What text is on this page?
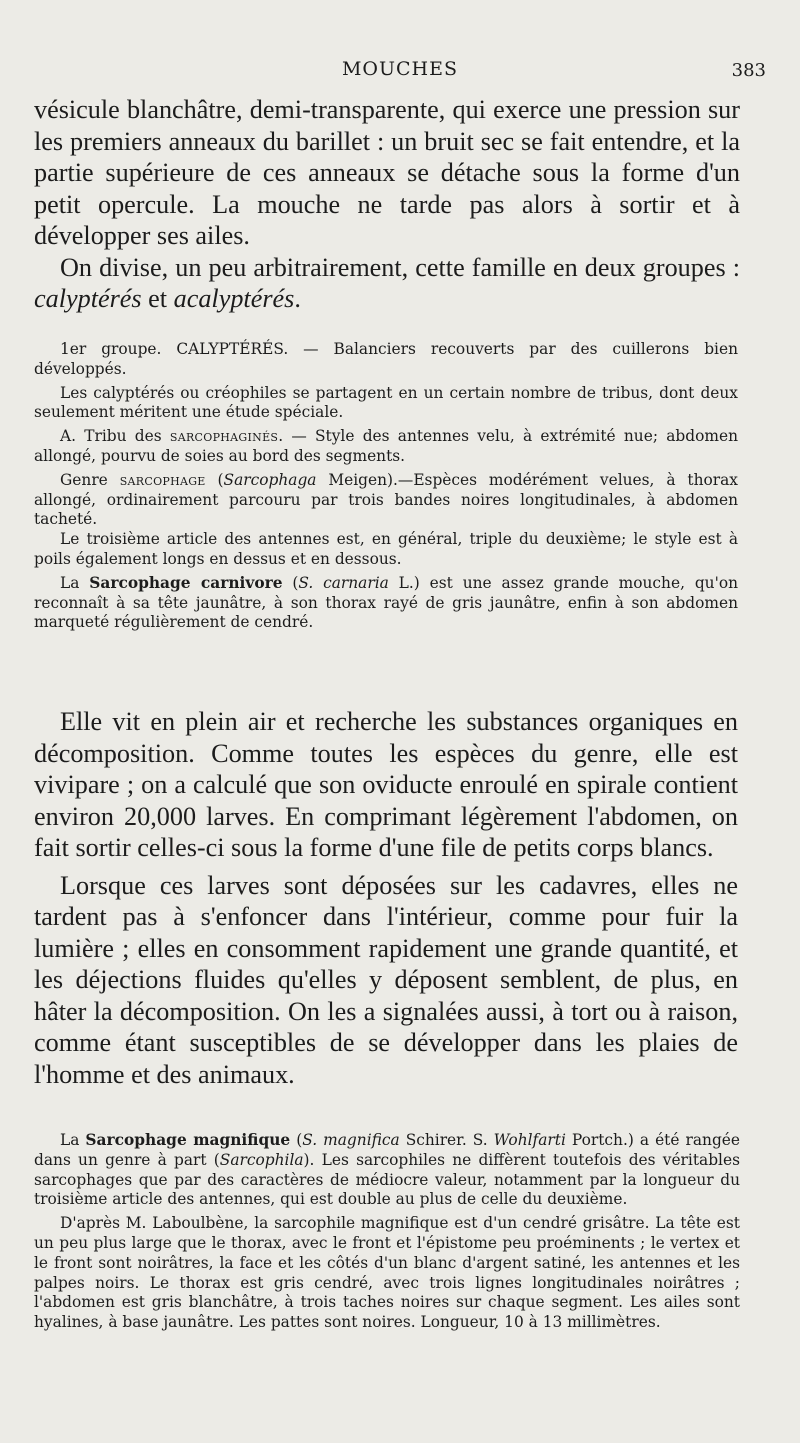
MOUCHES	383

vésicule blanchâtre, demi-transparente, qui exerce une pression sur les premiers anneaux du barillet : un bruit sec se fait entendre, et la partie supérieure de ces anneaux se détache sous la forme d'un petit opercule. La mouche ne tarde pas alors à sortir et à développer ses ailes.

On divise, un peu arbitrairement, cette famille en deux groupes : calyptérés et acalyptérés.

1er groupe. CALYPTÉRÉS. — Balanciers recouverts par des cuillerons bien développés.

Les calyptérés ou créophiles se partagent en un certain nombre de tribus, dont deux seulement méritent une étude spéciale.

A. Tribu des sarcophaginés. — Style des antennes velu, à extrémité nue; abdomen allongé, pourvu de soies au bord des segments.

Genre sarcophage (Sarcophaga Meigen).—Espèces modérément velues, à thorax allongé, ordinairement parcouru par trois bandes noires longitudinales, à abdomen tacheté.

Le troisième article des antennes est, en général, triple du deuxième; le style est à poils également longs en dessus et en dessous.

La Sarcophage carnivore (S. carnaria L.) est une assez grande mouche, qu'on reconnaît à sa tête jaunâtre, à son thorax rayé de gris jaunâtre, enfin à son abdomen marqueté régulièrement de cendré.

Elle vit en plein air et recherche les substances organiques en décomposition. Comme toutes les espèces du genre, elle est vivipare ; on a calculé que son oviducte enroulé en spirale contient environ 20,000 larves. En comprimant légèrement l'abdomen, on fait sortir celles-ci sous la forme d'une file de petits corps blancs.

Lorsque ces larves sont déposées sur les cadavres, elles ne tardent pas à s'enfoncer dans l'intérieur, comme pour fuir la lumière ; elles en consomment rapidement une grande quantité, et les déjections fluides qu'elles y déposent semblent, de plus, en hâter la décomposition. On les a signalées aussi, à tort ou à raison, comme étant susceptibles de se développer dans les plaies de l'homme et des animaux.

La Sarcophage magnifique (S. magnifica Schirer. S. Wohlfarti Portch.) a été rangée dans un genre à part (Sarcophila). Les sarcophiles ne diffèrent toutefois des véritables sarcophages que par des caractères de médiocre valeur, notamment par la longueur du troisième article des antennes, qui est double au plus de celle du deuxième.

D'après M. Laboulbène, la sarcophile magnifique est d'un cendré grisâtre. La tête est un peu plus large que le thorax, avec le front et l'épistome peu proéminents ; le vertex et le front sont noirâtres, la face et les côtés d'un blanc d'argent satiné, les antennes et les palpes noirs. Le thorax est gris cendré, avec trois lignes longitudinales noirâtres ; l'abdomen est gris blanchâtre, à trois taches noires sur chaque segment. Les ailes sont hyalines, à base jaunâtre. Les pattes sont noires. Longueur, 10 à 13 millimètres.
